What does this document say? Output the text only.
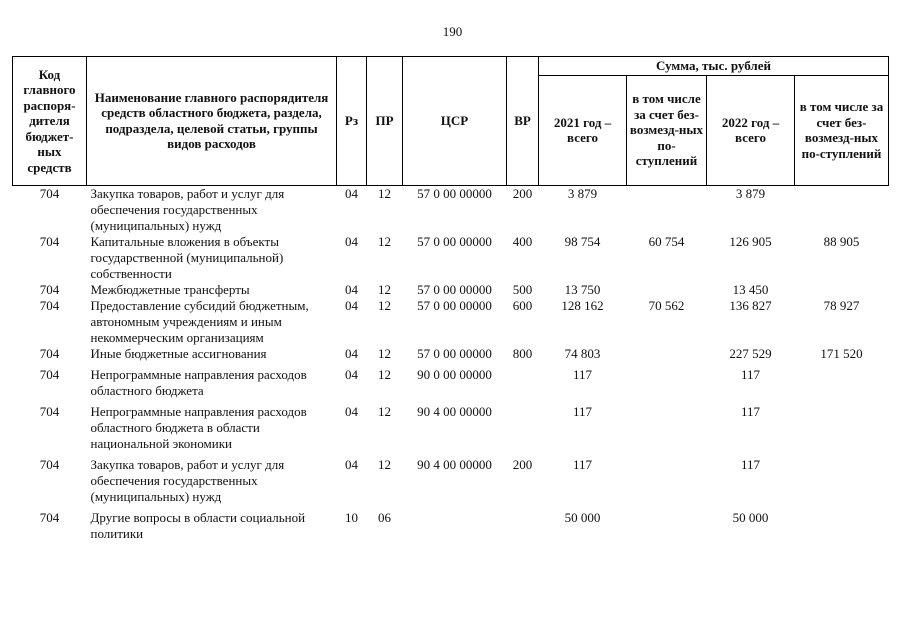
190
Код главного распоря-дителя бюджет-ных средств	Наименование главного распорядителя средств областного бюджета, раздела, подраздела, целевой статьи, группы видов расходов	Рз	ПР	ЦСР	ВР	Сумма, тыс. рублей			
						2021 год – всего	в том числе за счет без-возмезд-ных по-ступлений	2022 год – всего	в том числе за счет без-возмезд-ных по-ступлений
704	Закупка товаров, работ и услуг для обеспечения государственных (муниципальных) нужд	04	12	57 0 00 00000	200	3 879		3 879	
704	Капитальные вложения в объекты государственной (муниципальной) собственности	04	12	57 0 00 00000	400	98 754	60 754	126 905	88 905
704	Межбюджетные трансферты	04	12	57 0 00 00000	500	13 750		13 450	
704	Предоставление субсидий бюджетным, автономным учреждениям и иным некоммерческим организациям	04	12	57 0 00 00000	600	128 162	70 562	136 827	78 927
704	Иные бюджетные ассигнования	04	12	57 0 00 00000	800	74 803		227 529	171 520
704	Непрограммные направления расходов областного бюджета	04	12	90 0 00 00000		117		117	
704	Непрограммные направления расходов областного бюджета в области национальной экономики	04	12	90 4 00 00000		117		117	
704	Закупка товаров, работ и услуг для обеспечения государственных (муниципальных) нужд	04	12	90 4 00 00000	200	117		117	
704	Другие вопросы в области социальной политики	10	06			50 000		50 000	
